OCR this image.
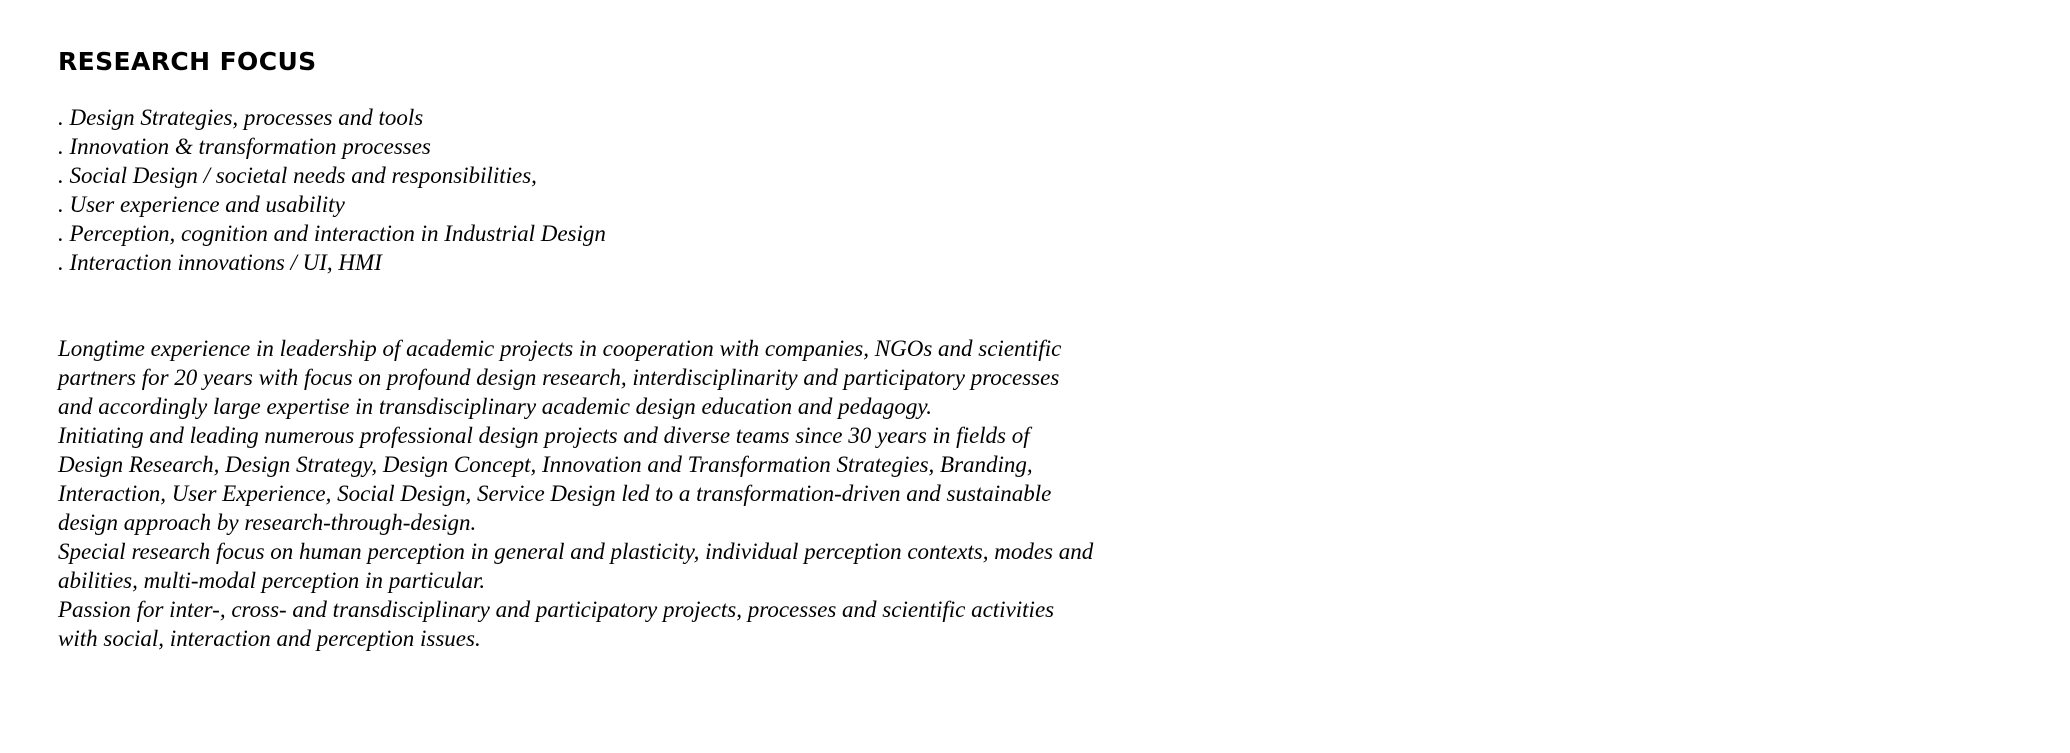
RESEARCH FOCUS
. Design Strategies, processes and tools
. Innovation & transformation processes
. Social Design / societal needs and responsibilities,
. User experience and usability
. Perception, cognition and interaction in Industrial Design
. Interaction innovations / UI, HMI

Longtime experience in leadership of academic projects in cooperation with companies, NGOs and scientific partners for 20 years with focus on profound design research, interdisciplinarity and participatory processes and accordingly large expertise in transdisciplinary academic design education and pedagogy.

Initiating and leading numerous professional design projects and diverse teams since 30 years in fields of Design Research, Design Strategy, Design Concept, Innovation and Transformation Strategies, Branding, Interaction, User Experience, Social Design, Service Design led to a transformation-driven and sustainable design approach by research-through-design.

Special research focus on human perception in general and plasticity, individual perception contexts, modes and abilities, multi-modal perception in particular.

Passion for inter-, cross- and transdisciplinary and participatory projects, processes and scientific activities with social, interaction and perception issues.
